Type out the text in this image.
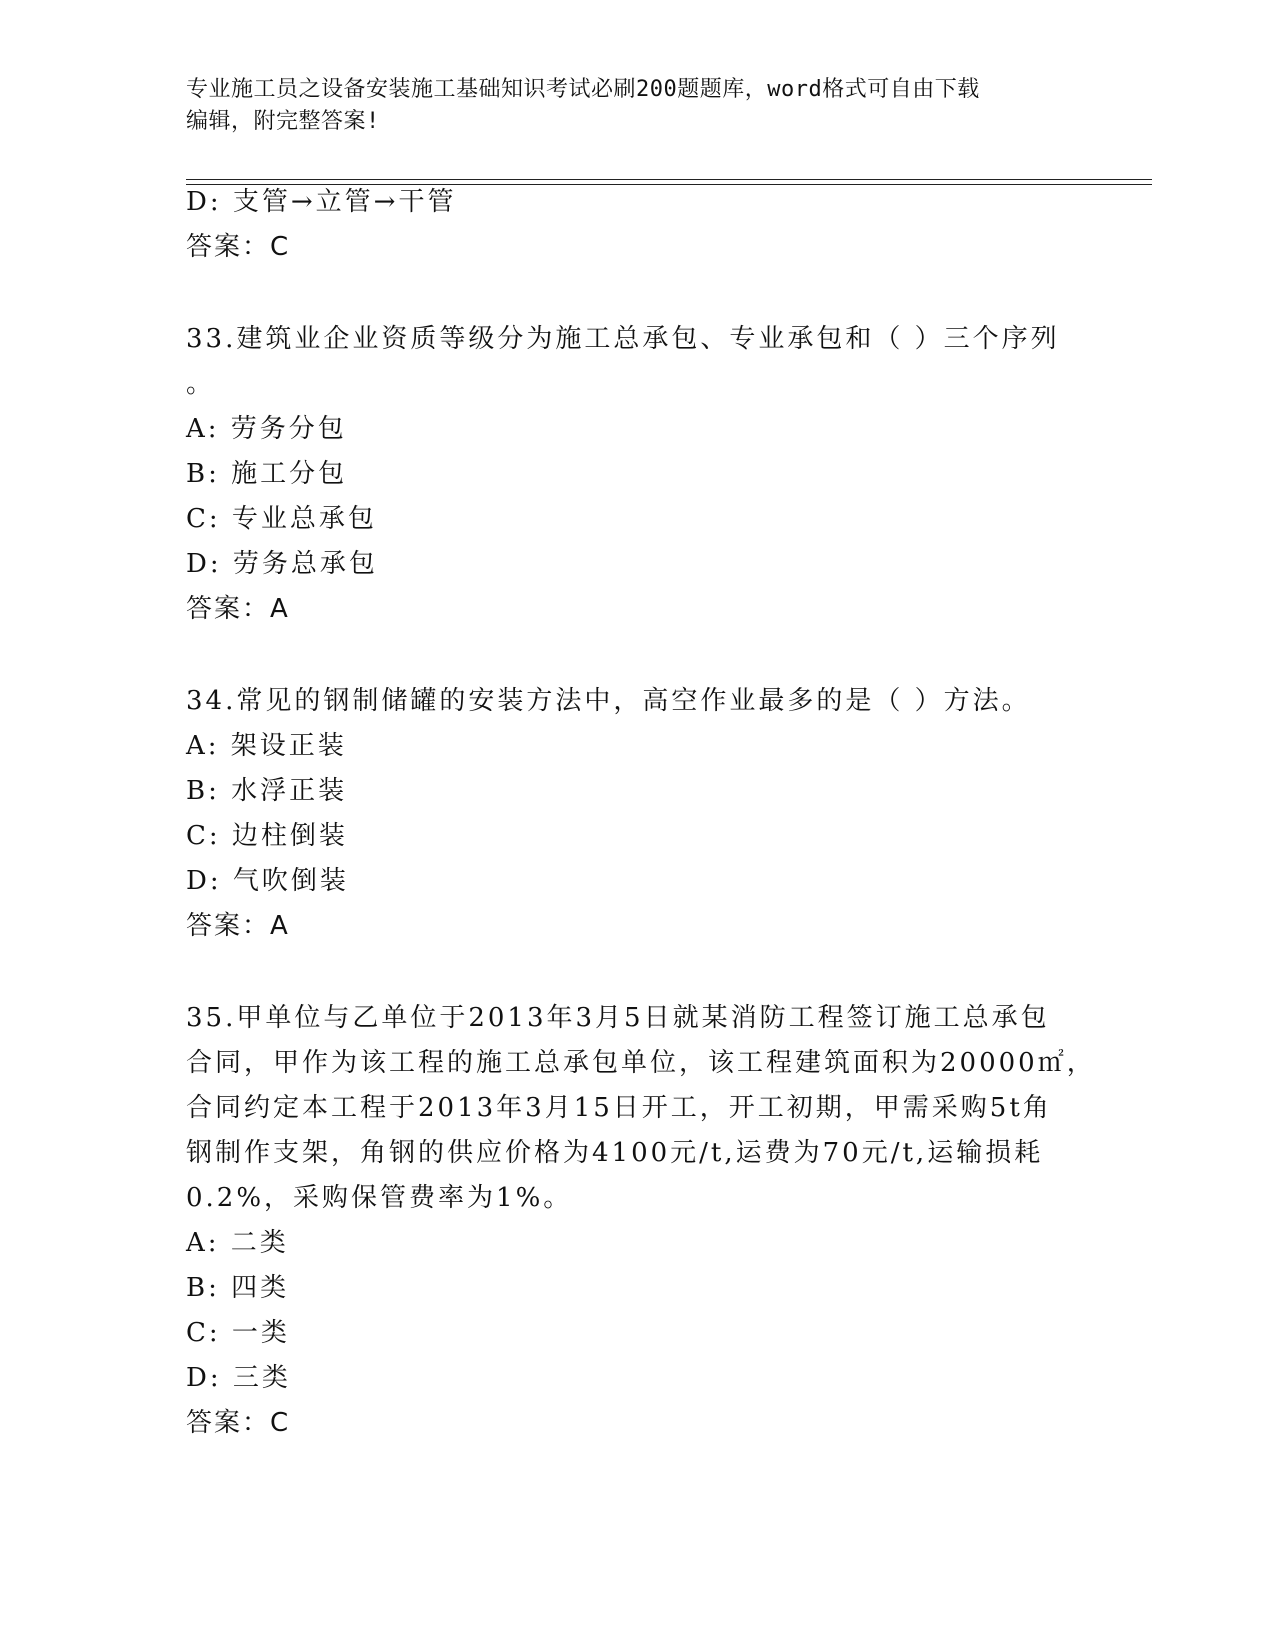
专业施工员之设备安装施工基础知识考试必刷200题题库，word格式可自由下载
编辑，附完整答案!
D: 支管→立管→干管
答案：C
33.建筑业企业资质等级分为施工总承包、专业承包和（ ）三个序列
。
A: 劳务分包
B: 施工分包
C: 专业总承包
D: 劳务总承包
答案：A
34.常见的钢制储罐的安装方法中，高空作业最多的是（ ）方法。
A: 架设正装
B: 水浮正装
C: 边柱倒装
D: 气吹倒装
答案：A
35.甲单位与乙单位于2013年3月5日就某消防工程签订施工总承包
合同，甲作为该工程的施工总承包单位，该工程建筑面积为20000㎡，
合同约定本工程于2013年3月15日开工，开工初期，甲需采购5t角
钢制作支架，角钢的供应价格为4100元/t,运费为70元/t,运输损耗
0.2%，采购保管费率为1%。
A: 二类
B: 四类
C: 一类
D: 三类
答案：C
